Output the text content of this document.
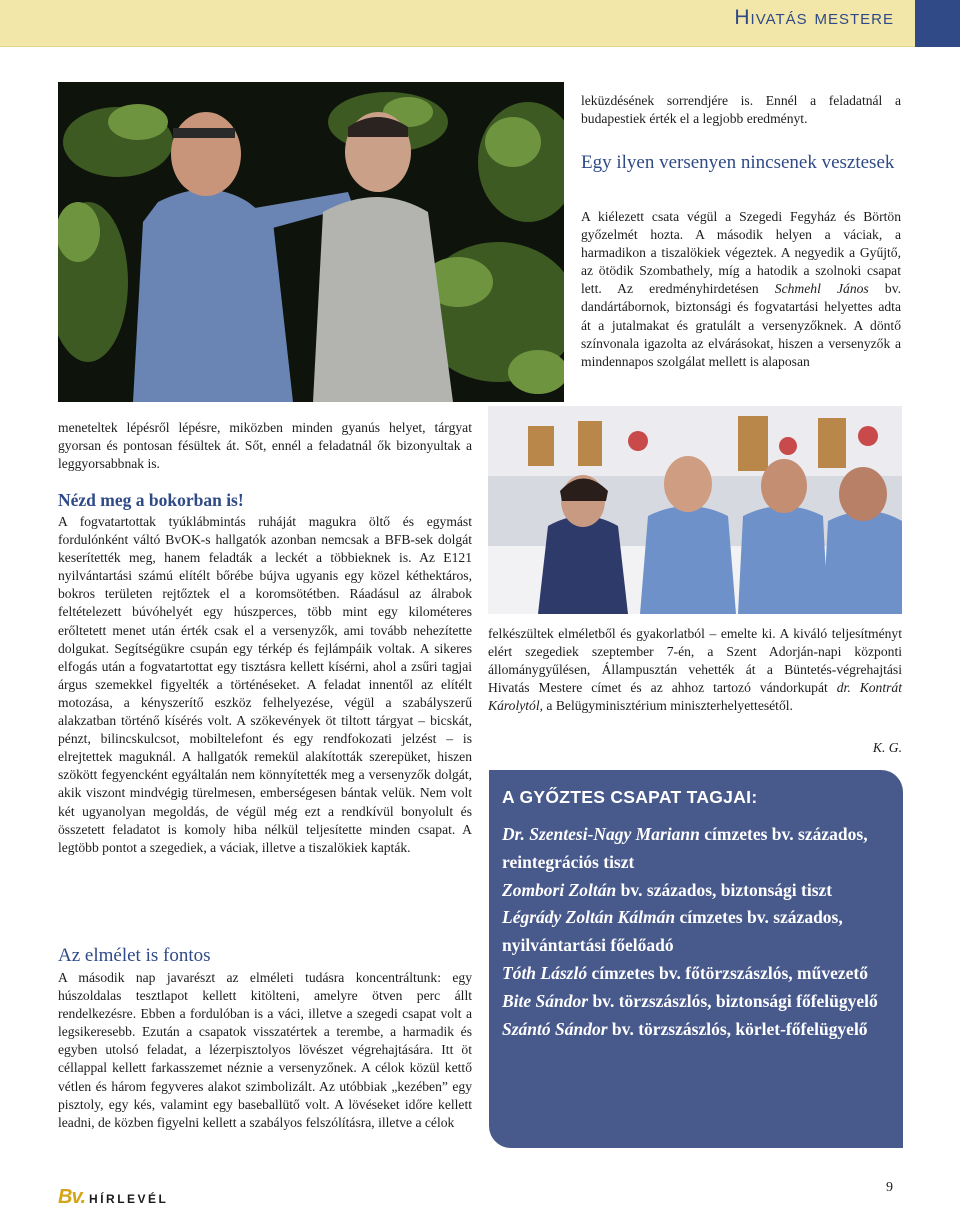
Hivatás mestere

leküzdésének sorrendjére is. Ennél a feladatnál a budapestiek érték el a legjobb eredményt.

Egy ilyen versenyen nincsenek vesztesek

A kiélezett csata végül a Szegedi Fegyház és Börtön győzelmét hozta. A második helyen a váciak, a harmadikon a tiszalökiek végeztek. A negyedik a Gyűjtő, az ötödik Szombathely, míg a hatodik a szolnoki csapat lett. Az eredményhirdetésen Schmehl János bv. dandártábornok, biztonsági és fogvatartási helyettes adta át a jutalmakat és gratulált a versenyzőknek. A döntő színvonala igazolta az elvárásokat, hiszen a versenyzők a mindennapos szolgálat mellett is alaposan

meneteltek lépésről lépésre, miközben minden gyanús helyet, tárgyat gyorsan és pontosan fésültek át. Sőt, ennél a feladatnál ők bizonyultak a leggyorsabbnak is.

Nézd meg a bokorban is!

A fogvatartottak tyúklábmintás ruháját magukra öltő és egymást fordulónként váltó BvOK-s hallgatók azonban nemcsak a BFB-sek dolgát keserítették meg, hanem feladták a leckét a többieknek is. Az E121 nyilvántartási számú elítélt bőrébe bújva ugyanis egy közel kéthektáros, bokros területen rejtőztek el a koromsötétben. Ráadásul az álrabok feltételezett búvóhelyét egy húszperces, több mint egy kilométeres erőltetett menet után érték csak el a versenyzők, ami tovább nehezítette dolgukat. Segítségükre csupán egy térkép és fejlámpáik voltak. A sikeres elfogás után a fogvatartottat egy tisztásra kellett kísérni, ahol a zsűri tagjai árgus szemekkel figyelték a történéseket. A feladat innentől az elítélt motozása, a kényszerítő eszköz felhelyezése, végül a szabályszerű alakzatban történő kísérés volt. A szökevények öt tiltott tárgyat – bicskát, pénzt, bilincskulcsot, mobiltelefont és egy rendfokozati jelzést – is elrejtettek maguknál. A hallgatók remekül alakították szerepüket, hiszen szökött fegyencként egyáltalán nem könnyítették meg a versenyzők dolgát, akik viszont mindvégig türelmesen, emberségesen bántak velük. Nem volt két ugyanolyan megoldás, de végül még ezt a rendkívül bonyolult és összetett feladatot is komoly hiba nélkül teljesítette minden csapat. A legtöbb pontot a szegediek, a váciak, illetve a tiszalökiek kapták.

Az elmélet is fontos

A második nap javarészt az elméleti tudásra koncentráltunk: egy húszoldalas tesztlapot kellett kitölteni, amelyre ötven perc állt rendelkezésre. Ebben a fordulóban is a váci, illetve a szegedi csapat volt a legsikeresebb. Ezután a csapatok visszatértek a terembe, a harmadik és egyben utolsó feladat, a lézerpisztolyos lövészet végrehajtására. Itt öt céllappal kellett farkasszemet nézniе a versenyzőnek. A célok közül kettő vétlen és három fegyveres alakot szimbolizált. Az utóbbiak „kezében” egy pisztoly, egy kés, valamint egy baseballütő volt. A lövéseket időre kellett leadni, de közben figyelni kellett a szabályos felszólításra, illetve a célok

felkészültek elméletből és gyakorlatból – emelte ki. A kiváló teljesítményt elért szegediek szeptember 7-én, a Szent Adorján-napi központi állománygyűlésen, Állampusztán vehették át a Büntetés-végrehajtási Hivatás Mestere címet és az ahhoz tartozó vándorkupát dr. Kontrát Károlytól, a Belügyminisztérium miniszterhelyettesétől.

K. G.
A GYŐZTES CSAPAT TAGJAI:
Dr. Szentesi-Nagy Mariann címzetes bv. százados, reintegrációs tiszt
Zombori Zoltán bv. százados, biztonsági tiszt
Légrády Zoltán Kálmán címzetes bv. százados, nyilvántartási főelőadó
Tóth László címzetes bv. főtörzszászlós, művezető
Bite Sándor bv. törzszászlós, biztonsági főfelügyelő
Szántó Sándor bv. törzszászlós, körlet-főfelügyelő
Bv. HÍRLEVÉL
9
